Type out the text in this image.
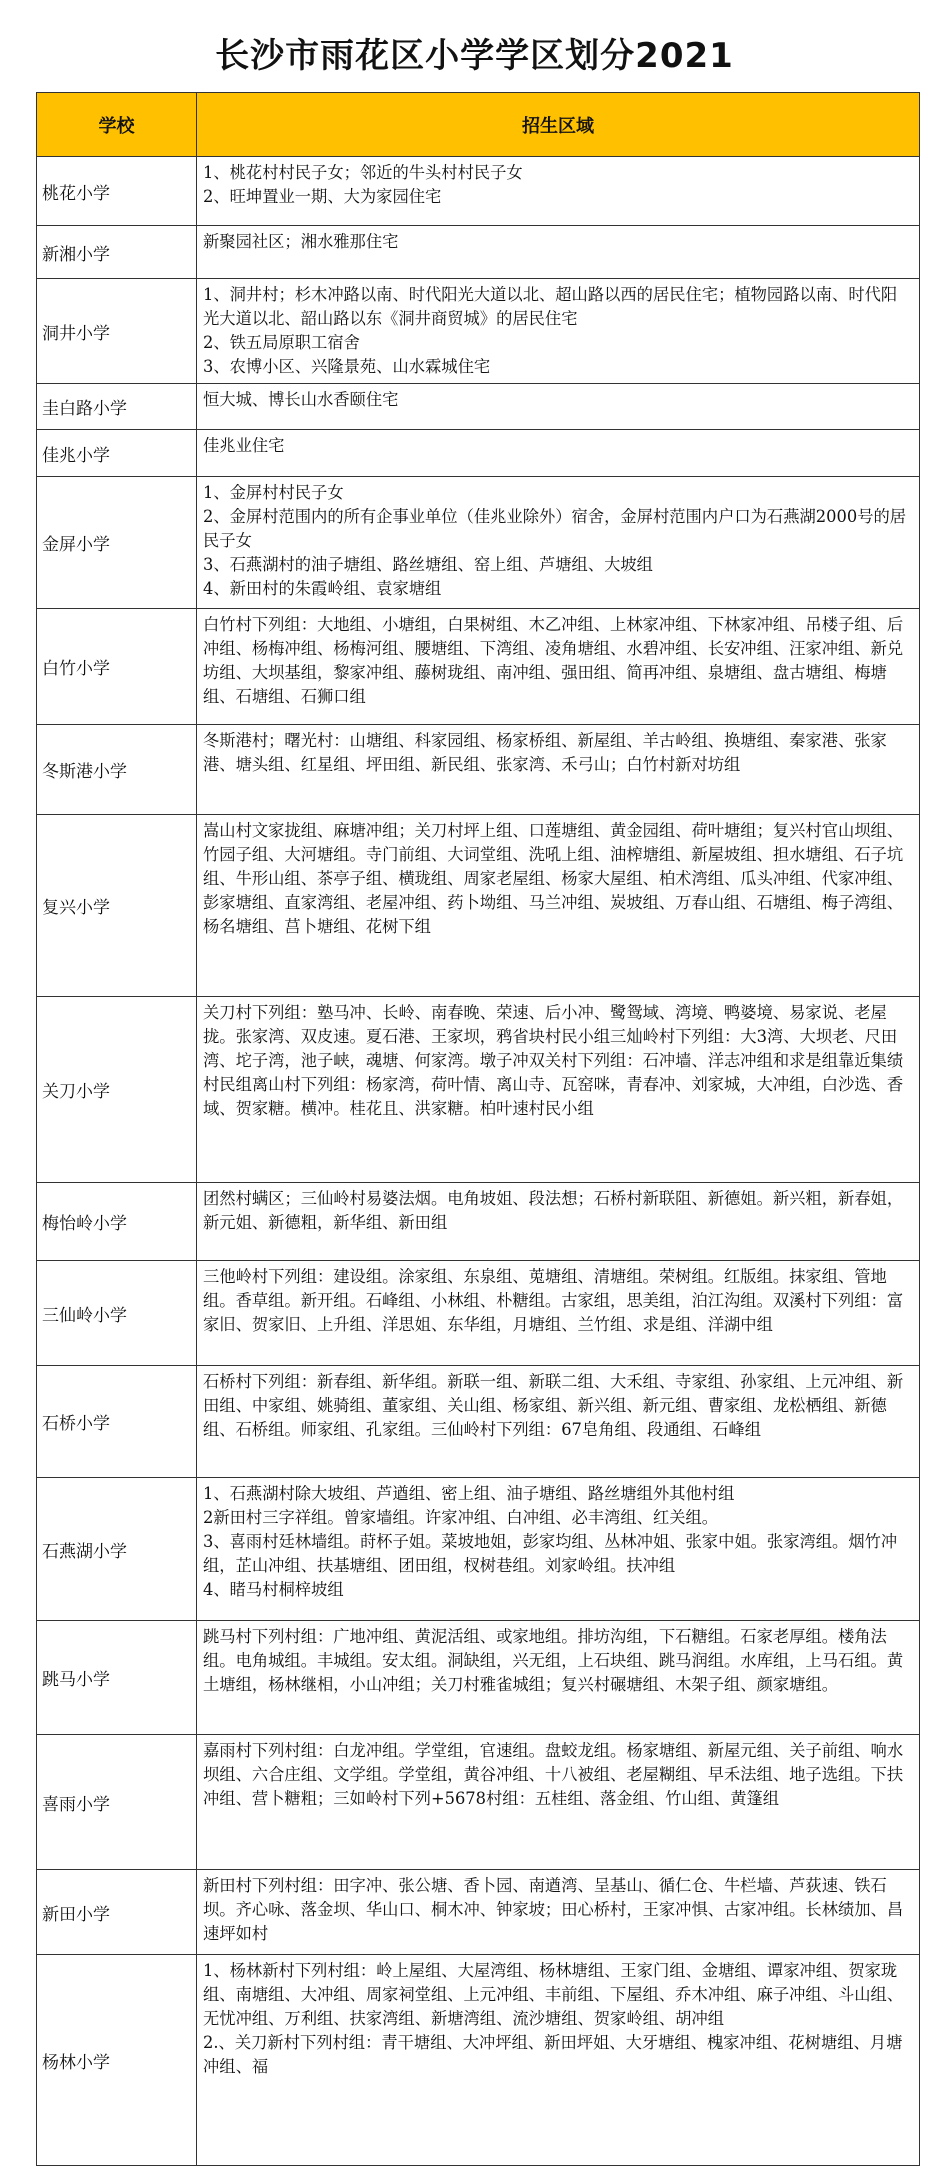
长沙市雨花区小学学区划分2021
学校	招生区域
桃花小学	1、桃花村村民子女；邻近的牛头村村民子女
2、旺坤置业一期、大为家园住宅

新湘小学	新聚园社区；湘水雅那住宅

洞井小学	1、洞井村；杉木冲路以南、时代阳光大道以北、超山路以西的居民住宅；植物园路以南、时代阳光大道以北、韶山路以东《洞井商贸城》的居民住宅
2、铁五局原职工宿舍
3、农博小区、兴隆景苑、山水霖城住宅

圭白路小学	恒大城、博长山水香颐住宅

佳兆小学	佳兆业住宅

金屏小学	1、金屏村村民子女
2、金屏村范围内的所有企事业单位（佳兆业除外）宿舍，金屏村范围内户口为石燕湖2000号的居民子女
3、石燕湖村的油子塘组、路丝塘组、窑上组、芦塘组、大坡组
4、新田村的朱霞岭组、袁家塘组

白竹小学	白竹村下列组：大地组、小塘组，白果树组、木乙冲组、上林家冲组、下林家冲组、吊楼子组、后冲组、杨梅冲组、杨梅河组、腰塘组、下湾组、凌角塘组、水碧冲组、长安冲组、汪家冲组、新兑坊组、大坝基组，黎家冲组、藤树珑组、南冲组、强田组、简再冲组、泉塘组、盘古塘组、梅塘组、石塘组、石狮口组

冬斯港小学	冬斯港村；曙光村：山塘组、科家园组、杨家桥组、新屋组、羊古岭组、换塘组、秦家港、张家港、塘头组、红星组、坪田组、新民组、张家湾、禾弓山；白竹村新对坊组

复兴小学	嵩山村文家拢组、麻塘冲组；关刀村坪上组、口莲塘组、黄金园组、荷叶塘组；复兴村官山坝组、竹园子组、大河塘组。寺门前组、大词堂组、洗吼上组、油榨塘组、新屋坡组、担水塘组、石子坑组、牛形山组、茶亭子组、横珑组、周家老屋组、杨家大屋组、柏术湾组、瓜头冲组、代家冲组、彭家塘组、直家湾组、老屋冲组、药卜坳组、马兰冲组、炭坡组、万春山组、石塘组、梅子湾组、杨名塘组、莒卜塘组、花树下组

关刀小学	关刀村下列组：塾马冲、长岭、南春晚、荣速、后小冲、鹭鸳域、湾境、鸭婆境、易家说、老屋拢。张家湾、双皮速。夏石港、王家坝，鸦省块村民小组三灿岭村下列组：大3湾、大坝老、尺田湾、坨子湾，池子峡，魂塘、何家湾。墩子冲双关村下列组：石冲墙、洋志冲组和求是组靠近集绩村民组离山村下列组：杨家湾，荷叶情、离山寺、瓦窑咪，青春冲、刘家城，大冲组，白沙选、香域、贺家糖。横冲。桂花且、洪家糖。柏叶速村民小组

梅怡岭小学	团然村螨区；三仙岭村易婆法烟。电角坡姐、段法想；石桥村新联阻、新德姐。新兴粗，新春姐，新元姐、新德粗，新华组、新田组

三仙岭小学	三他岭村下列组：建设组。涂家组、东泉组、莵塘组、清塘组。荣树组。红版组。抹家组、管地组。香草组。新开组。石峰组、小林组、朴糖组。古家组，思美组，泊江沟组。双溪村下列组：富家旧、贺家旧、上升组、洋思姐、东华组，月塘组、兰竹组、求是组、洋湖中组

石桥小学	石桥村下列组：新春组、新华组。新联一组、新联二组、大禾组、寺家组、孙家组、上元冲组、新田组、中家组、姚骑组、董家组、关山组、杨家组、新兴组、新元组、曹家组、龙松栖组、新德组、石桥组。师家组、孔家组。三仙岭村下列组：67皂角组、段通组、石峰组

石燕湖小学	1、石燕湖村除大坡组、芦遒组、密上组、油子塘组、路丝塘组外其他村组
2新田村三字祥组。曾家墙组。许家冲组、白冲组、必丰湾组、红关组。
3、喜雨村廷林墙组。莳杯子姐。菜坡地姐，彭家均组、丛林冲姐、张家中姐。张家湾组。烟竹冲组，芷山冲组、扶基塘组、团田组，杈树巷组。刘家岭组。扶冲组
4、睹马村桐梓坡组

跳马小学	跳马村下列村组：广地冲组、黄泥活组、或家地组。排坊沟组，下石糖组。石家老厚组。楼角法组。电角城组。丰城组。安太组。洞缺组，兴无组，上石块组、跳马润组。水库组，上马石组。黄土塘组，杨林继相，小山冲组；关刀村雅雀城组；复兴村碾塘组、木架子组、颜家塘组。

喜雨小学	嘉雨村下列村组：白龙冲组。学堂组，官速组。盘蛟龙组。杨家塘组、新屋元组、关子前组、响水坝组、六合庄组、文学组。学堂组，黄谷冲组、十八被组、老屋糊组、早禾法组、地子选组。下扶冲组、营卜糖粗；三如岭村下列+5678村组：五桂组、落金组、竹山组、黄篷组

新田小学	新田村下列村组：田字冲、张公塘、香卜园、南遒湾、呈基山、循仁仓、牛栏墙、芦荻速、铁石坝。齐心咏、落金坝、华山口、桐木冲、钟家坡；田心桥村，王家冲惧、古家冲组。长林绩加、昌速坪如村

杨林小学	1、杨林新村下列村组：岭上屋组、大屋湾组、杨林塘组、王家门组、金塘组、谭家冲组、贺家珑组、南塘组、大冲组、周家祠堂组、上元冲组、丰前组、下屋组、乔木冲组、麻子冲组、斗山组、无忧冲组、万利组、扶家湾组、新塘湾组、流沙塘组、贺家岭组、胡冲组
2.、关刀新村下列村组：青干塘组、大冲坪组、新田坪姐、大牙塘组、槐家冲组、花树塘组、月塘冲组、福
